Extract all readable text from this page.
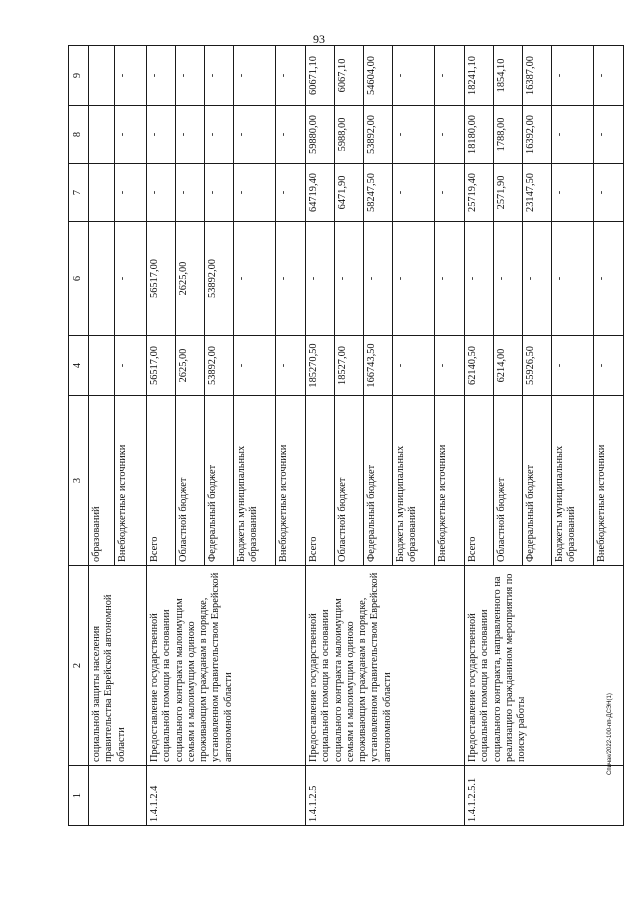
93
1	2	3	4	6	7	8	9
	социальной защиты населения правительства Еврейской автономной области	образований					
		Внебюджетные источники	-	-	-	-	-
1.4.1.2.4	Предоставление государственной социальной помощи на основании социального контракта малоимущим семьям и малоимущим одиноко проживающим гражданам в порядке, установленном правительством Еврейской автономной области	Всего	56517,00	56517,00	-	-	-
		Областной бюджет	2625,00	2625,00	-	-	-
		Федеральный бюджет	53892,00	53892,00	-	-	-
		Бюджеты муниципальных образований	-	-	-	-	-
		Внебюджетные источники	-	-	-	-	-
1.4.1.2.5	Предоставление государственной социальной помощи на основании социального контракта малоимущим семьям и малоимущим одиноко проживающим гражданам в порядке, установленном правительством Еврейской автономной области	Всего	185270,50	-	64719,40	59880,00	60671,10
		Областной бюджет	18527,00	-	6471,90	5988,00	6067,10
		Федеральный бюджет	166743,50	-	58247,50	53892,00	54604,00
		Бюджеты муниципальных образований	-	-	-	-	-
		Внебюджетные источники	-	-	-	-	-
1.4.1.2.5.1	Предоставление государственной социальной помощи на основании социального контракта, направленного на реализацию гражданином мероприятия по поиску работы	Всего	62140,50	-	25719,40	18180,00	18241,10
		Областной бюджет	6214,00	-	2571,90	1788,00	1854,10
		Федеральный бюджет	55926,50	-	23147,50	16392,00	16387,00
		Бюджеты муниципальных образований	-	-	-	-	-
		Внебюджетные источники	-	-	-	-	-
Спичак/2022-100-пп-ДСЭН(1)
